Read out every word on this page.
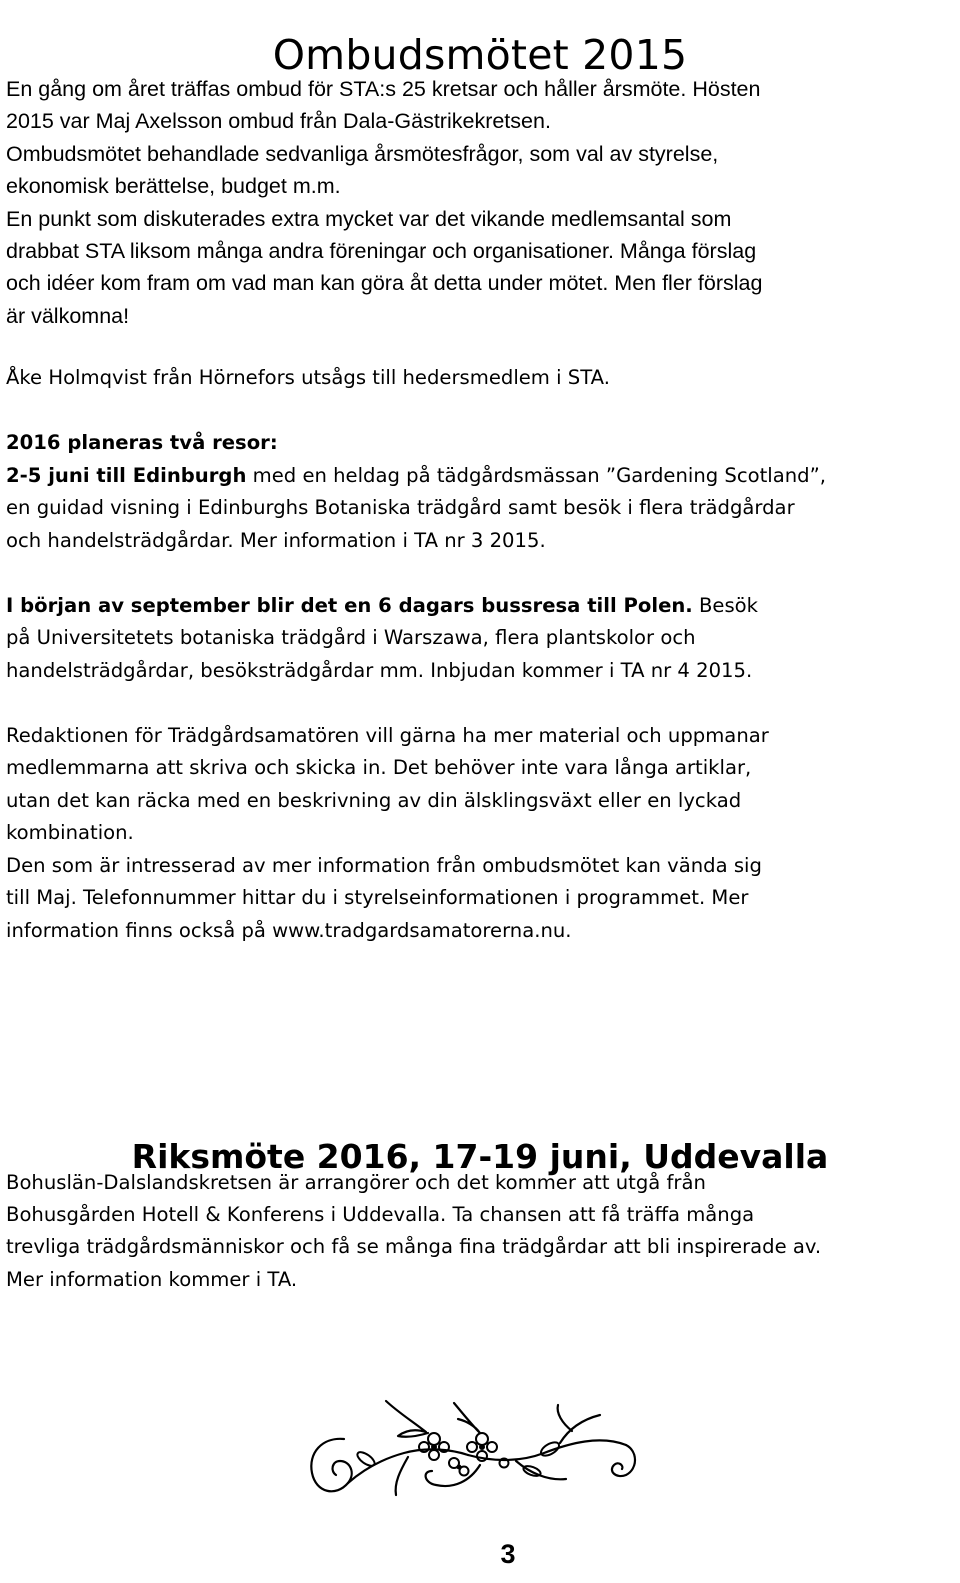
Ombudsmötet 2015
En gång om året träffas ombud för STA:s 25 kretsar och håller årsmöte. Hösten
2015 var Maj Axelsson ombud från Dala-Gästrikekretsen.
Ombudsmötet behandlade sedvanliga årsmötesfrågor, som val av styrelse,
ekonomisk berättelse, budget m.m.
En punkt som diskuterades extra mycket var det vikande medlemsantal som
drabbat STA liksom många andra föreningar och organisationer. Många förslag
och idéer kom fram om vad man kan göra åt detta under mötet. Men fler förslag
är välkomna!

Åke Holmqvist från Hörnefors utsågs till hedersmedlem i STA.

2016 planeras två resor:

2-5 juni till Edinburgh med en heldag på tädgårdsmässan ”Gardening Scotland”,

en guidad visning i Edinburghs Botaniska trädgård samt besök i flera trädgårdar

och handelsträdgårdar. Mer information i TA nr 3 2015.

I början av september blir det en 6 dagars bussresa till Polen. Besök

på Universitetets botaniska trädgård i Warszawa, flera plantskolor och

handelsträdgårdar, besöksträdgårdar mm. Inbjudan kommer i TA nr 4 2015.

Redaktionen för Trädgårdsamatören vill gärna ha mer material och uppmanar

medlemmarna att skriva och skicka in. Det behöver inte vara långa artiklar,

utan det kan räcka med en beskrivning av din älsklingsväxt eller en lyckad

kombination.

Den som är intresserad av mer information från ombudsmötet kan vända sig

till Maj. Telefonnummer hittar du i styrelseinformationen i programmet. Mer

information finns också på www.tradgardsamatorerna.nu.

Riksmöte 2016, 17-19 juni, Uddevalla

Bohuslän-Dalslandskretsen är arrangörer och det kommer att utgå från

Bohusgården Hotell & Konferens i Uddevalla. Ta chansen att få träffa många

trevliga trädgårdsmänniskor och få se många fina trädgårdar att bli inspirerade av.

Mer information kommer i TA.

3
